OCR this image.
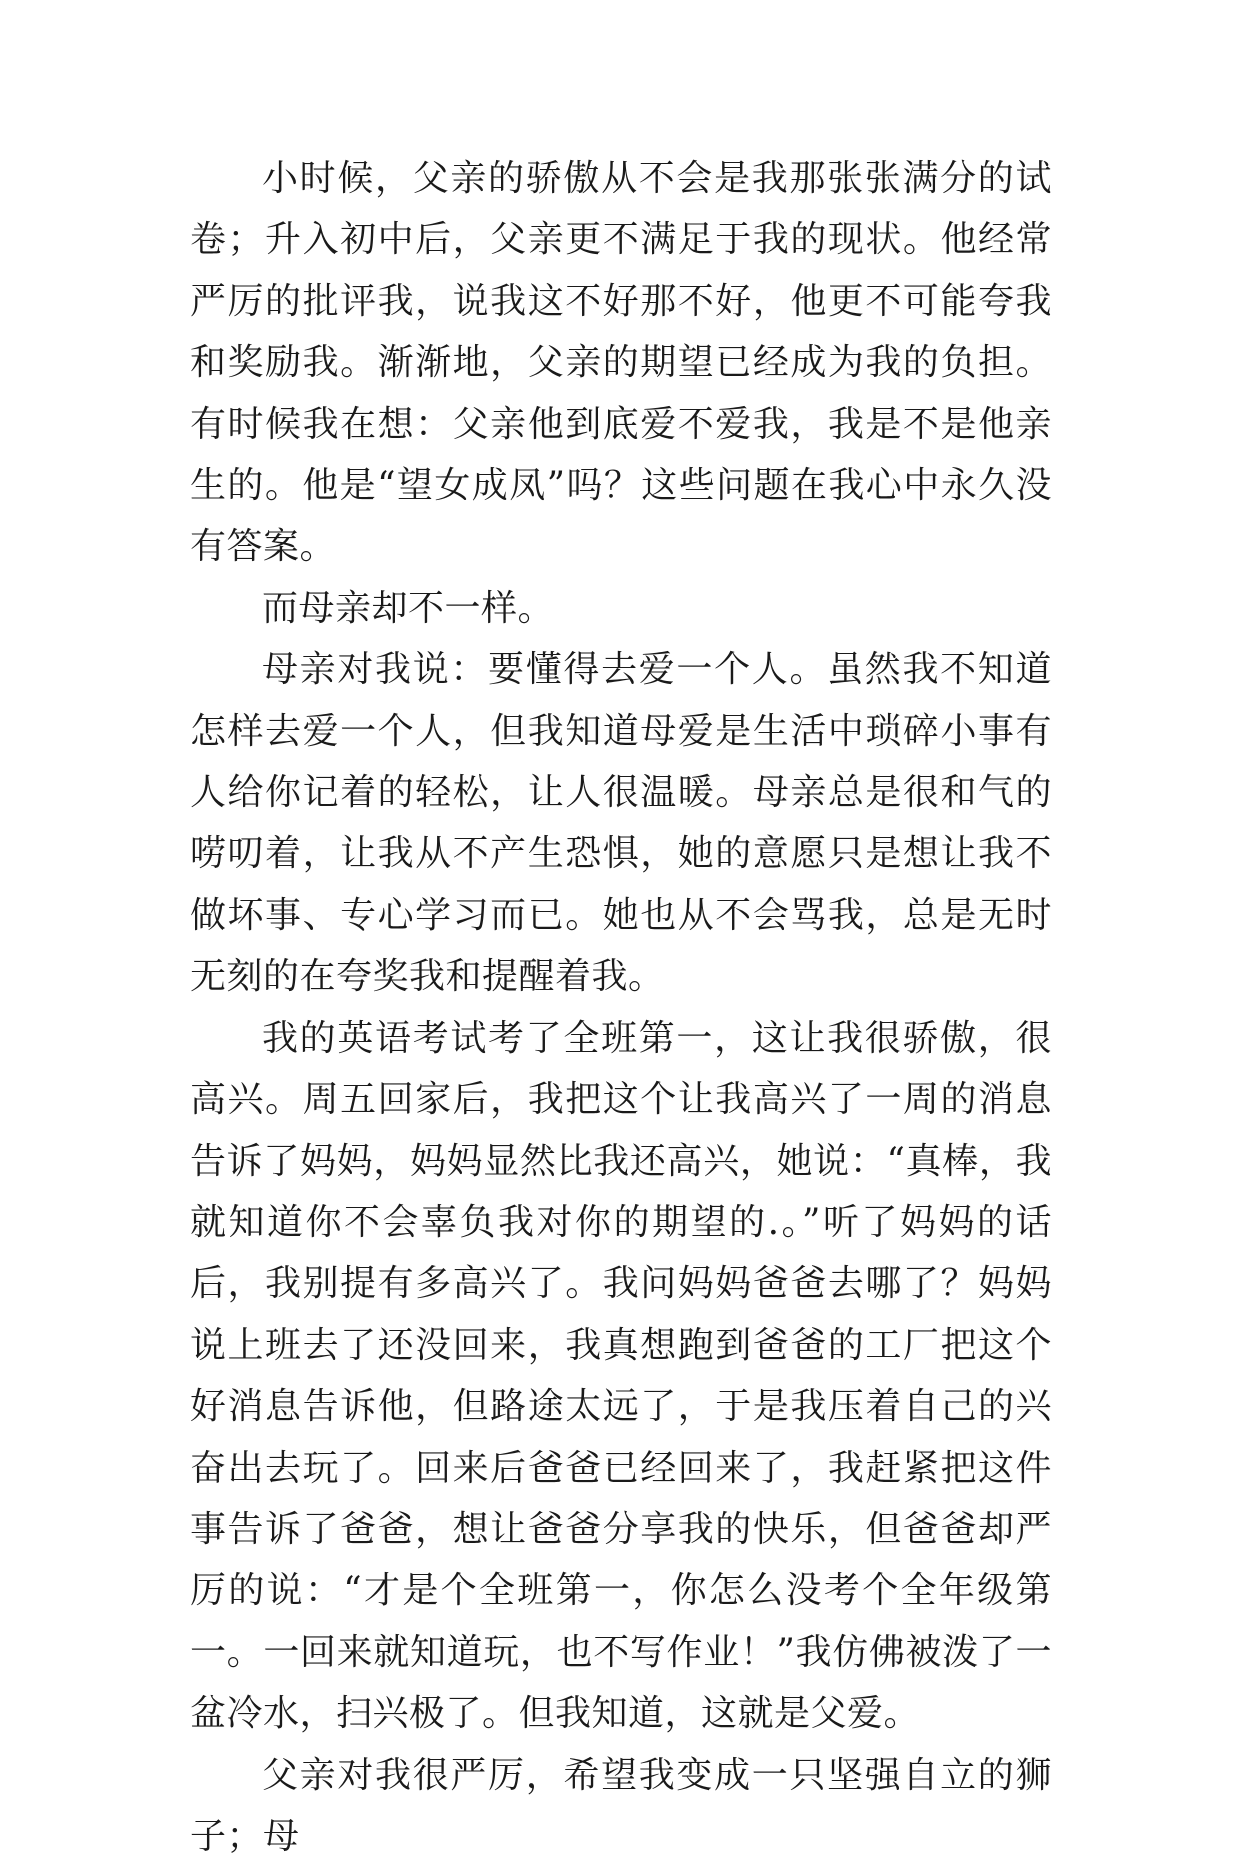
小时候，父亲的骄傲从不会是我那张张满分的试卷；升入初中后，父亲更不满足于我的现状。他经常严厉的批评我，说我这不好那不好，他更不可能夸我和奖励我。渐渐地，父亲的期望已经成为我的负担。有时候我在想：父亲他到底爱不爱我，我是不是他亲生的。他是“望女成凤”吗？这些问题在我心中永久没有答案。

而母亲却不一样。

母亲对我说：要懂得去爱一个人。虽然我不知道怎样去爱一个人，但我知道母爱是生活中琐碎小事有人给你记着的轻松，让人很温暖。母亲总是很和气的唠叨着，让我从不产生恐惧，她的意愿只是想让我不做坏事、专心学习而已。她也从不会骂我，总是无时无刻的在夸奖我和提醒着我。

我的英语考试考了全班第一，这让我很骄傲，很高兴。周五回家后，我把这个让我高兴了一周的消息告诉了妈妈，妈妈显然比我还高兴，她说：“真棒，我就知道你不会辜负我对你的期望的.。”听了妈妈的话后，我别提有多高兴了。我问妈妈爸爸去哪了？妈妈说上班去了还没回来，我真想跑到爸爸的工厂把这个好消息告诉他，但路途太远了，于是我压着自己的兴奋出去玩了。回来后爸爸已经回来了，我赶紧把这件事告诉了爸爸，想让爸爸分享我的快乐，但爸爸却严厉的说：“才是个全班第一，你怎么没考个全年级第一。一回来就知道玩，也不写作业！”我仿佛被泼了一盆冷水，扫兴极了。但我知道，这就是父爱。

父亲对我很严厉，希望我变成一只坚强自立的狮子；母
